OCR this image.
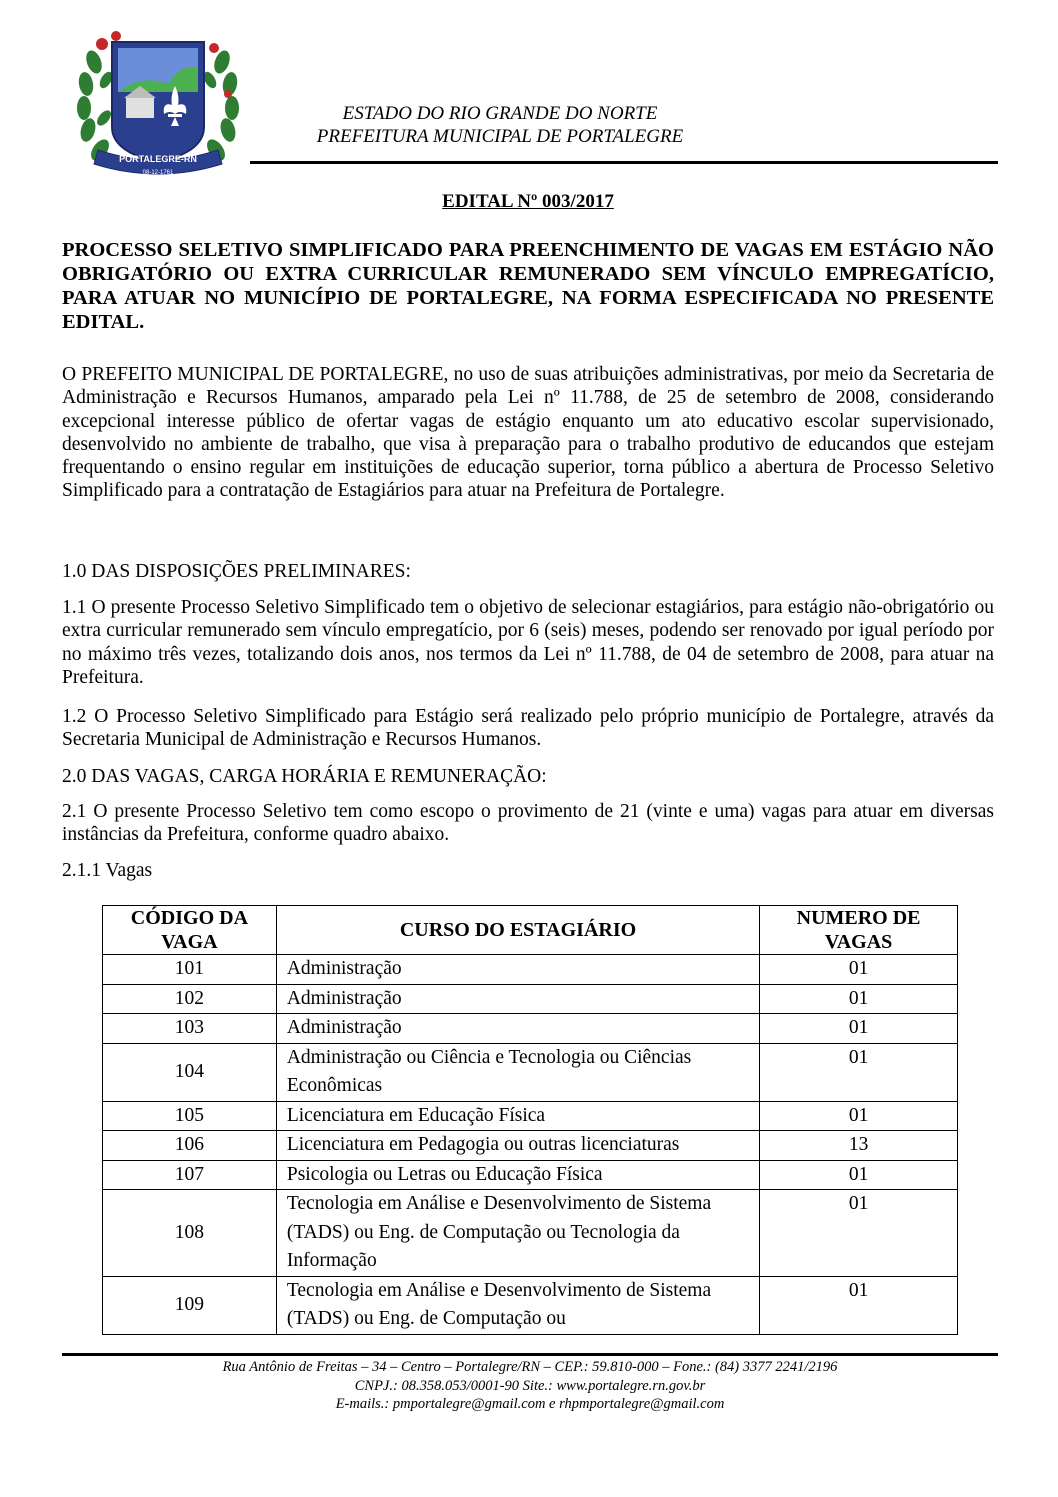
PORTALEGRE-RN
08-12-1761
ESTADO DO RIO GRANDE DO NORTE
PREFEITURA MUNICIPAL DE PORTALEGRE
EDITAL Nº 003/2017
PROCESSO SELETIVO SIMPLIFICADO PARA PREENCHIMENTO DE VAGAS EM ESTÁGIO NÃO OBRIGATÓRIO OU EXTRA CURRICULAR REMUNERADO SEM VÍNCULO EMPREGATÍCIO, PARA ATUAR NO MUNICÍPIO DE PORTALEGRE, NA FORMA ESPECIFICADA NO PRESENTE EDITAL.
O PREFEITO MUNICIPAL DE PORTALEGRE, no uso de suas atribuições administrativas, por meio da Secretaria de Administração e Recursos Humanos, amparado pela Lei nº 11.788, de 25 de setembro de 2008, considerando excepcional interesse público de ofertar vagas de estágio enquanto um ato educativo escolar supervisionado, desenvolvido no ambiente de trabalho, que visa à preparação para o trabalho produtivo de educandos que estejam frequentando o ensino regular em instituições de educação superior, torna público a abertura de Processo Seletivo Simplificado para a contratação de Estagiários para atuar na Prefeitura de Portalegre.
1.0 DAS DISPOSIÇÕES PRELIMINARES:
1.1 O presente Processo Seletivo Simplificado tem o objetivo de selecionar estagiários, para estágio não-obrigatório ou extra curricular remunerado sem vínculo empregatício, por 6 (seis) meses, podendo ser renovado por igual período por no máximo três vezes, totalizando dois anos, nos termos da Lei nº 11.788, de 04 de setembro de 2008, para atuar na Prefeitura.
1.2 O Processo Seletivo Simplificado para Estágio será realizado pelo próprio município de Portalegre, através da Secretaria Municipal de Administração e Recursos Humanos.
2.0 DAS VAGAS, CARGA HORÁRIA E REMUNERAÇÃO:
2.1 O presente Processo Seletivo tem como escopo o provimento de 21 (vinte e uma) vagas para atuar em diversas instâncias da Prefeitura, conforme quadro abaixo.
2.1.1 Vagas
CÓDIGO DA VAGA	CURSO DO ESTAGIÁRIO	NUMERO DE VAGAS
101	Administração	01
102	Administração	01
103	Administração	01
104	Administração ou Ciência e Tecnologia ou Ciências Econômicas	01
105	Licenciatura em Educação Física	01
106	Licenciatura em Pedagogia ou outras licenciaturas	13
107	Psicologia ou Letras ou Educação Física	01
108	Tecnologia em Análise e Desenvolvimento de Sistema (TADS) ou Eng. de Computação ou Tecnologia da Informação	01
109	Tecnologia em Análise e Desenvolvimento de Sistema (TADS) ou Eng. de Computação ou	01
Rua Antônio de Freitas – 34 – Centro – Portalegre/RN – CEP.: 59.810-000 – Fone.: (84) 3377 2241/2196
CNPJ.: 08.358.053/0001-90 Site.: www.portalegre.rn.gov.br
E-mails.: pmportalegre@gmail.com e rhpmportalegre@gmail.com
